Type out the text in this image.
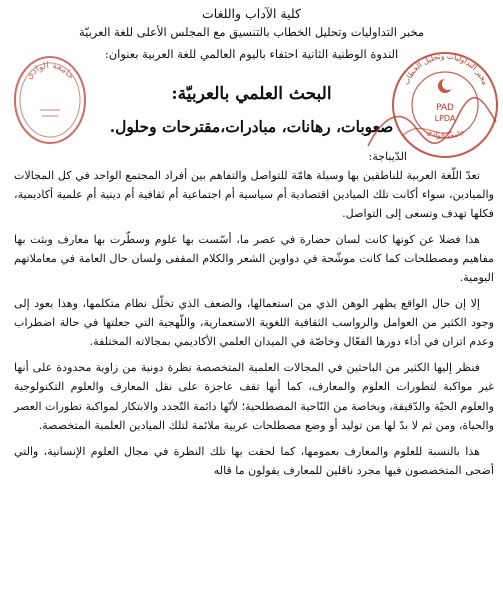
كلية الآداب واللغات
مخبر التداوليات وتحليل الخطاب بالتنسيق مع المجلس الأعلى للغة العربيّة
الندوة الوطنية الثانية احتفاء باليوم العالمي للغة العربية بعنوان:
البحث العلمي بالعربيّة:
صعوبات، رهانات، مبادرات،مقترحات وحلول.
الدّيباجة:

تعدّ اللّغة العربية للناطقين بها وسيلة هامّة للتواصل والتفاهم بين أفراد المجتمع الواحد في كل المجالات والميادين، سواء أكانت تلك الميادين اقتصادية أم سياسية أم اجتماعية أم ثقافية أم دينية أم علمية أكاديمية، فكلها تهدف وتسعى إلى التواصل.

هذا فضلا عن كونها كانت لسان حضارة في عصر ما، أسّست بها علوم وسطّرت بها معارف وبثت بها مفاهيم ومصطلحات كما كانت موشّحة في دواوين الشعر والكلام المقفى ولسان حال العامة في معاملاتهم اليومية.

إلا إن حال الواقع يظهر الوهن الذي من استعمالها، والضعف الذي تخلّل نظام متكلمها، وهذا يعود إلى وجود الكثير من العوامل والرواسب الثقافية اللغوية الاستعمارية، واللّهجية التي جعلتها في حالة اضطراب وعدم اتزان في أداء دورها الفعّال وخاصّة في الميدان العلمي الأكاديمي بمجالاته المختلفة.

فنظر إليها الكثير من الباحثين في المجالات العلمية المتخصصة نظرة دونية من زاوية محدودة على أنها غير مواكبة لتطورات العلوم والمعارف، كما أنها تقف عاجزة على نقل المعارف والعلوم التكنولوجية والعلوم الحيّة والدّقيقة، وبخاصة من النّاحية المصطلحية؛ لأنّها دائمة التّجدد والابتكار لمواكبة تطورات العصر والحياة، ومن ثم لا بدّ لها من توليد أو وضع مصطلحات عربية ملائمة لتلك الميادين العلمية المتخصصة.

هذا بالنسبة للعلوم والمعارف بعمومها، كما لحقت بها تلك النظرة في مجال العلوم الإنسانية، والتي أضحى المتخصصون فيها مجرد ناقلين للمعارف يقولون ما قاله

جامعة الوادي	مخبر التداوليات وتحليل الخطاب
جامعة الوادي
PAD
LPDA
